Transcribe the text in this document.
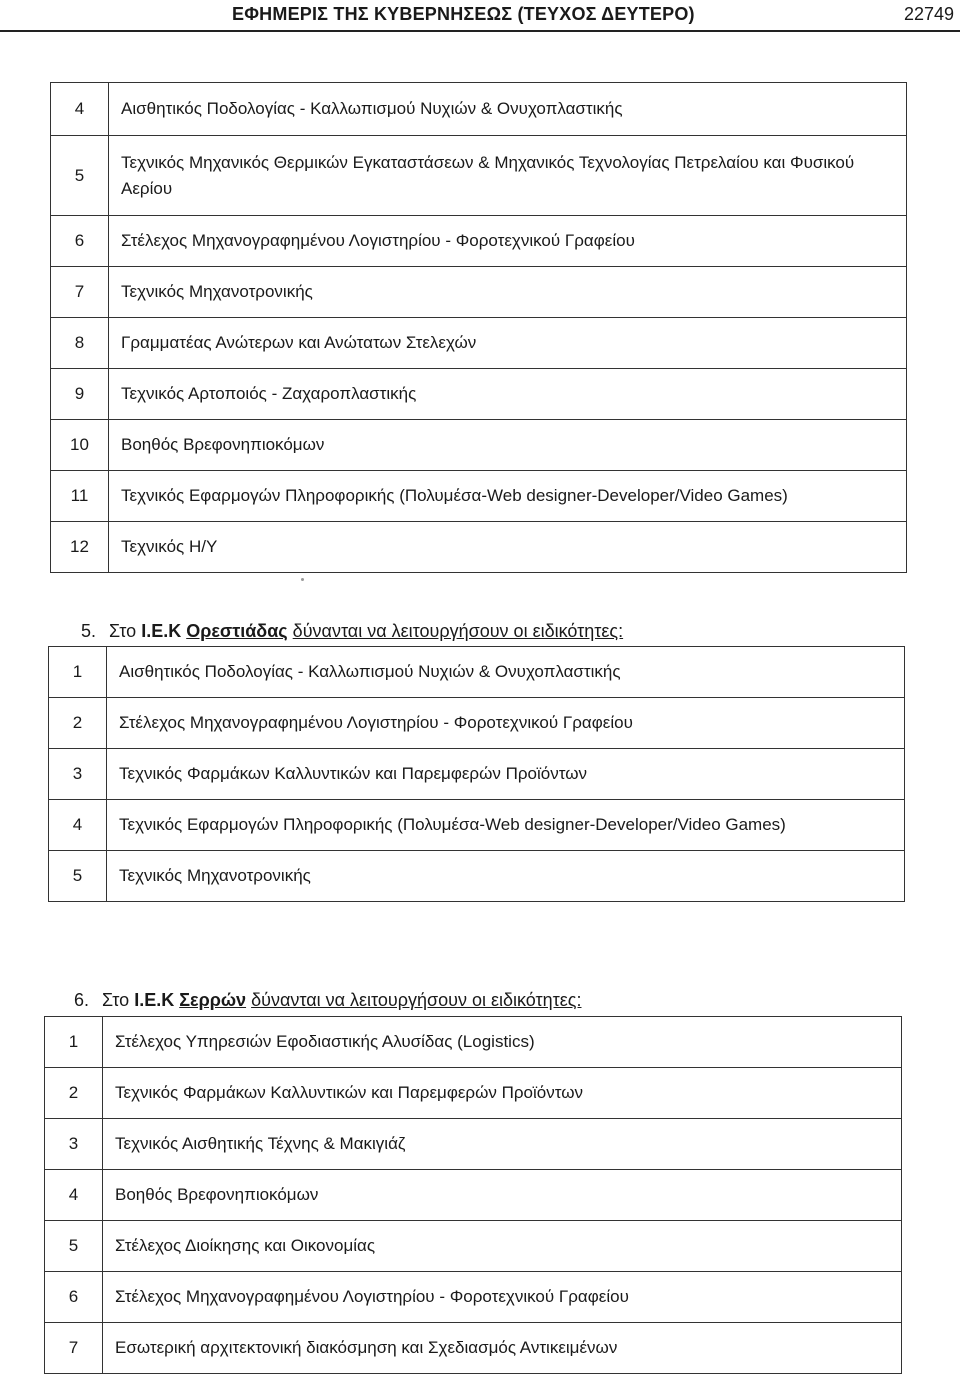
ΕΦΗΜΕΡΙΣ ΤΗΣ ΚΥΒΕΡΝΗΣΕΩΣ (ΤΕΥΧΟΣ ΔΕΥΤΕΡΟ)	22749
4	Αισθητικός Ποδολογίας - Καλλωπισμού Νυχιών & Ονυχοπλαστικής
5	Τεχνικός Μηχανικός Θερμικών Εγκαταστάσεων & Μηχανικός Τεχνολογίας Πετρελαίου και Φυσικού Αερίου
6	Στέλεχος Μηχανογραφημένου Λογιστηρίου - Φοροτεχνικού Γραφείου
7	Τεχνικός Μηχανοτρονικής
8	Γραμματέας Ανώτερων και Ανώτατων Στελεχών
9	Τεχνικός Αρτοποιός - Ζαχαροπλαστικής
10	Βοηθός Βρεφονηπιοκόμων
11	Τεχνικός Εφαρμογών Πληροφορικής (Πολυμέσα-Web designer-Developer/Video Games)
12	Τεχνικός Η/Υ
5. Στο Ι.Ε.Κ Ορεστιάδας δύνανται να λειτουργήσουν οι ειδικότητες:
1	Αισθητικός Ποδολογίας - Καλλωπισμού Νυχιών & Ονυχοπλαστικής
2	Στέλεχος Μηχανογραφημένου Λογιστηρίου - Φοροτεχνικού Γραφείου
3	Τεχνικός Φαρμάκων Καλλυντικών και Παρεμφερών Προϊόντων
4	Τεχνικός Εφαρμογών Πληροφορικής (Πολυμέσα-Web designer-Developer/Video Games)
5	Τεχνικός Μηχανοτρονικής
6. Στο Ι.Ε.Κ Σερρών δύνανται να λειτουργήσουν οι ειδικότητες:
1	Στέλεχος Υπηρεσιών Εφοδιαστικής Αλυσίδας (Logistics)
2	Τεχνικός Φαρμάκων Καλλυντικών και Παρεμφερών Προϊόντων
3	Τεχνικός Αισθητικής Τέχνης & Μακιγιάζ
4	Βοηθός Βρεφονηπιοκόμων
5	Στέλεχος Διοίκησης και Οικονομίας
6	Στέλεχος Μηχανογραφημένου Λογιστηρίου - Φοροτεχνικού Γραφείου
7	Εσωτερική αρχιτεκτονική διακόσμηση και Σχεδιασμός Αντικειμένων
